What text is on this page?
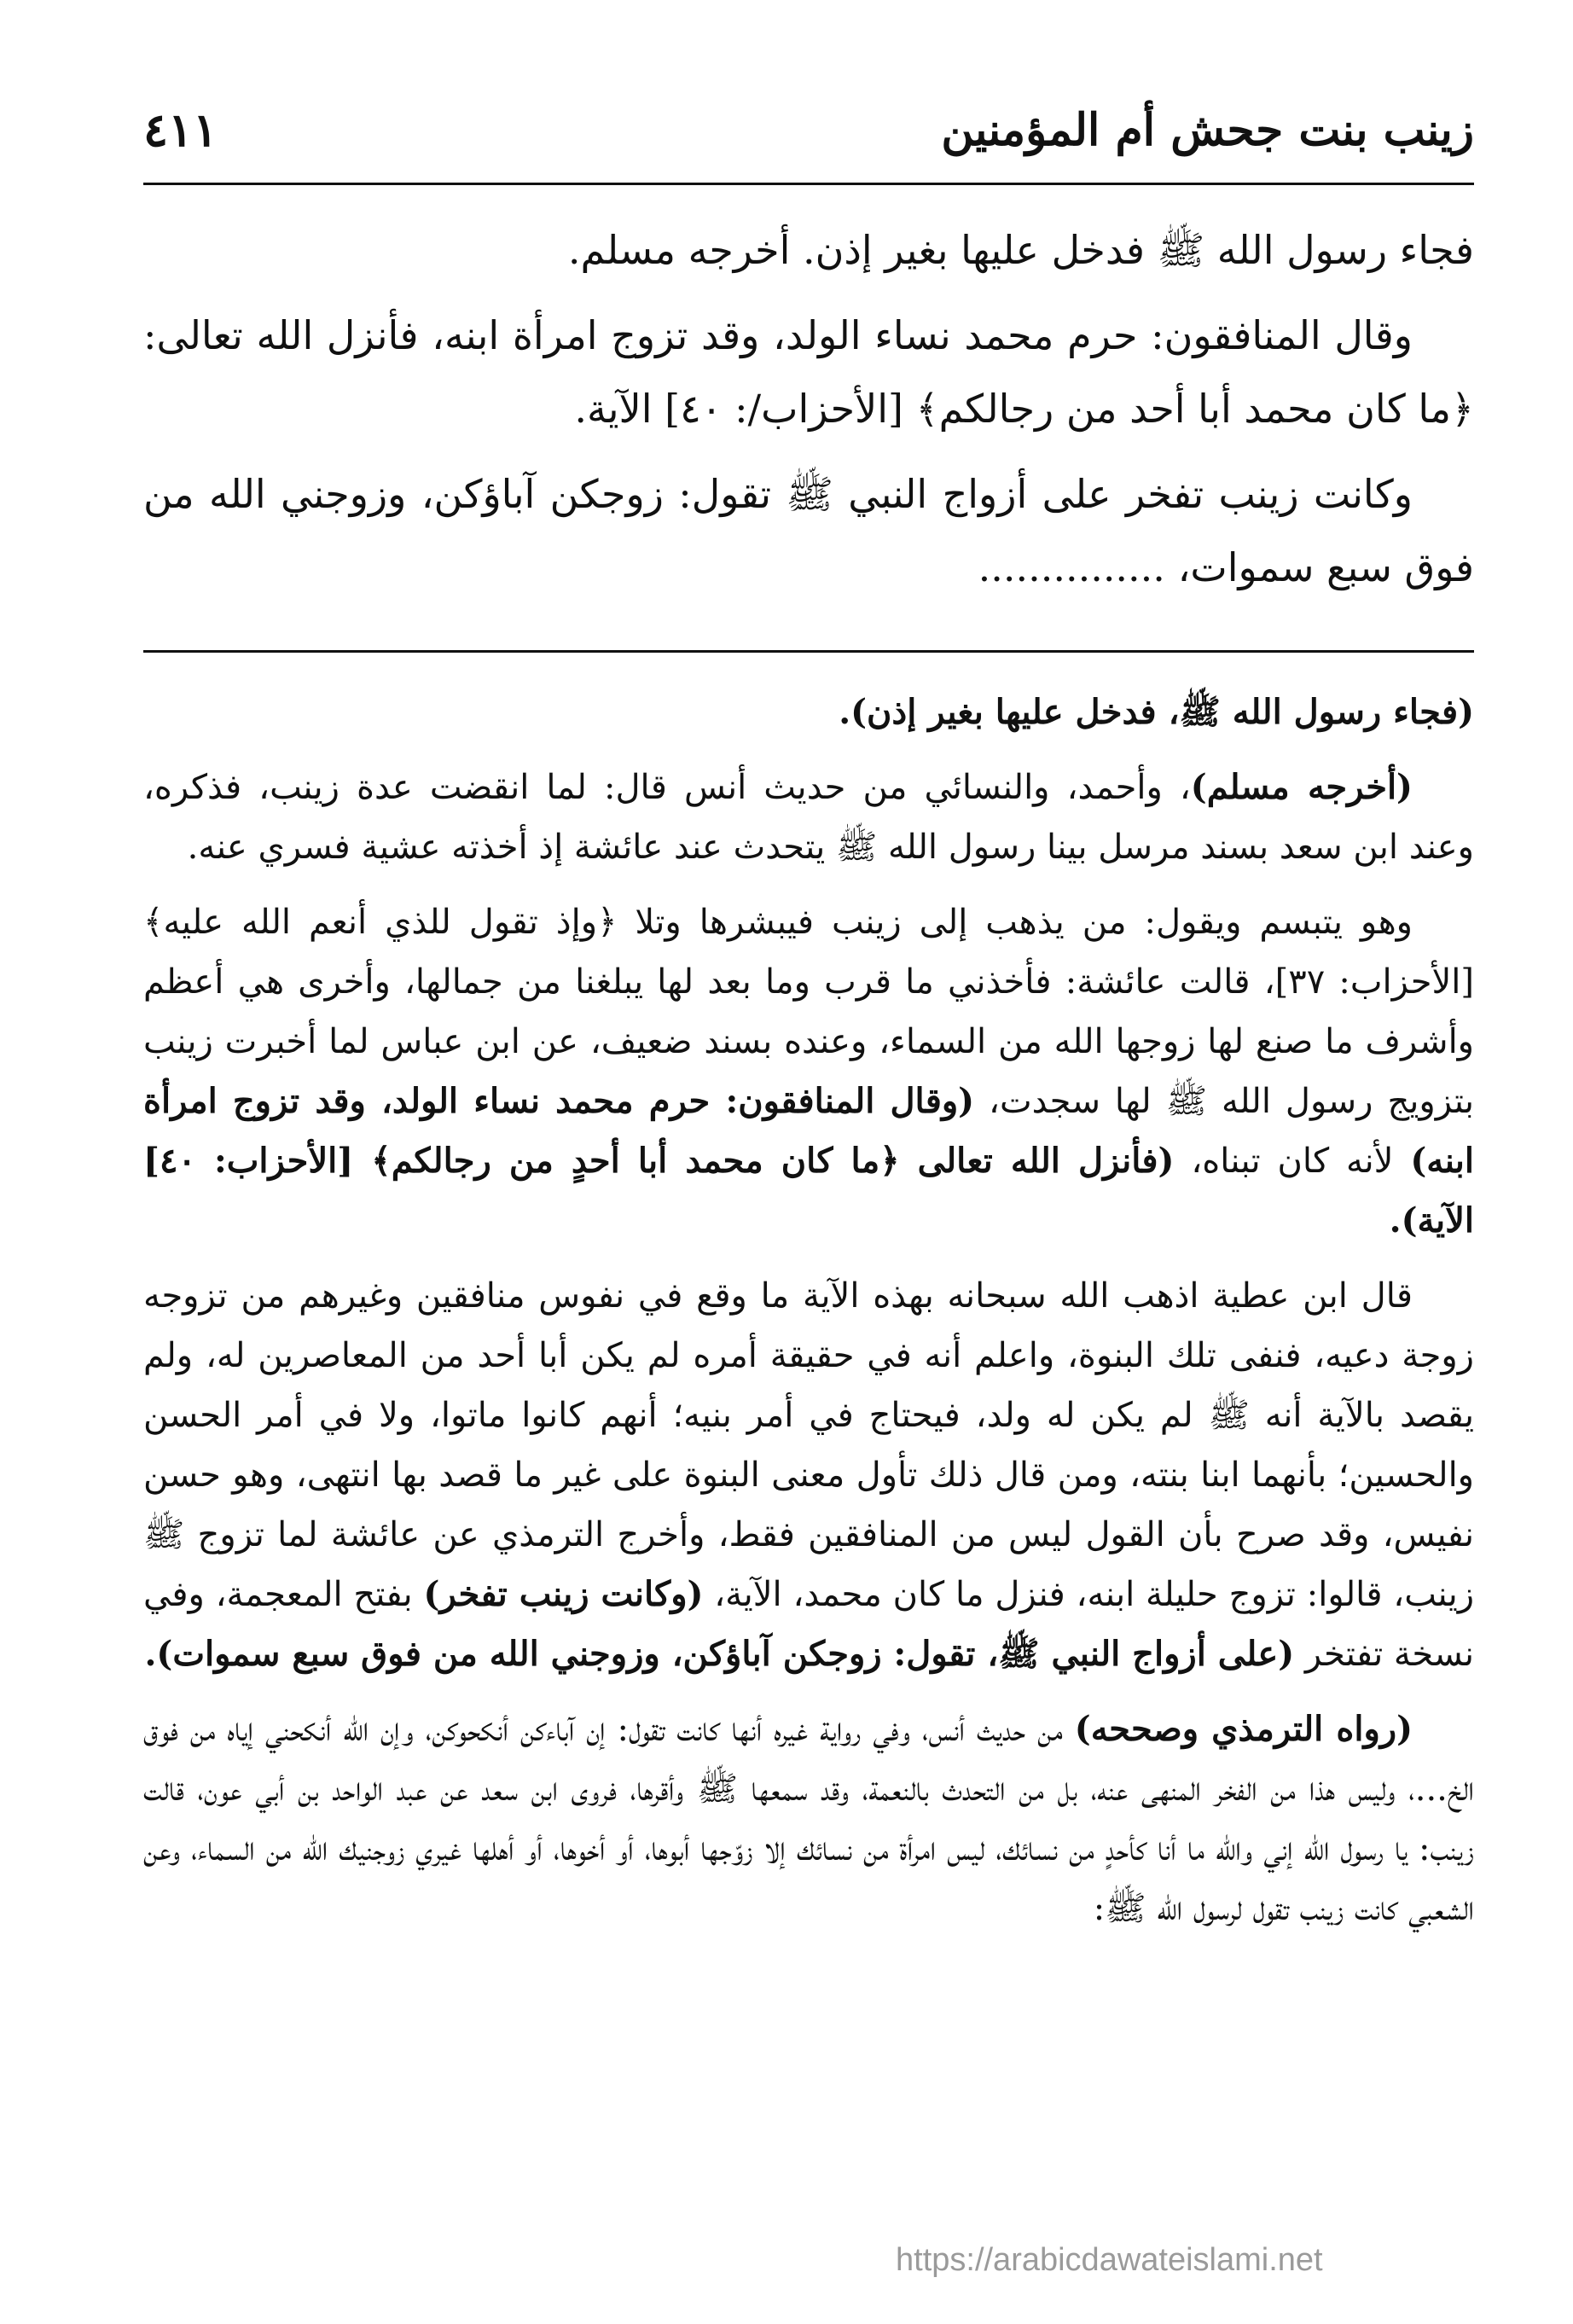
زينب بنت جحش أم المؤمنين
٤١١

فجاء رسول الله ﷺ فدخل عليها بغير إذن. أخرجه مسلم.

وقال المنافقون: حرم محمد نساء الولد، وقد تزوج امرأة ابنه، فأنزل الله تعالى: ﴿ما كان محمد أبا أحد من رجالكم﴾ [الأحزاب/: ٤٠] الآية.

وكانت زينب تفخر على أزواج النبي ﷺ تقول: زوجكن آباؤكن، وزوجني الله من فوق سبع سموات، ...............

(فجاء رسول الله ﷺ، فدخل عليها بغير إذن).

(أخرجه مسلم)، وأحمد، والنسائي من حديث أنس قال: لما انقضت عدة زينب، فذكره، وعند ابن سعد بسند مرسل بينا رسول الله ﷺ يتحدث عند عائشة إذ أخذته عشية فسري عنه.

وهو يتبسم ويقول: من يذهب إلى زينب فيبشرها وتلا ﴿وإذ تقول للذي أنعم الله عليه﴾ [الأحزاب: ٣٧]، قالت عائشة: فأخذني ما قرب وما بعد لها يبلغنا من جمالها، وأخرى هي أعظم وأشرف ما صنع لها زوجها الله من السماء، وعنده بسند ضعيف، عن ابن عباس لما أخبرت زينب بتزويج رسول الله ﷺ لها سجدت، (وقال المنافقون: حرم محمد نساء الولد، وقد تزوج امرأة ابنه) لأنه كان تبناه، (فأنزل الله تعالى ﴿ما كان محمد أبا أحدٍ من رجالكم﴾ [الأحزاب: ٤٠] الآية).

قال ابن عطية اذهب الله سبحانه بهذه الآية ما وقع في نفوس منافقين وغيرهم من تزوجه زوجة دعيه، فنفى تلك البنوة، واعلم أنه في حقيقة أمره لم يكن أبا أحد من المعاصرين له، ولم يقصد بالآية أنه ﷺ لم يكن له ولد، فيحتاج في أمر بنيه؛ أنهم كانوا ماتوا، ولا في أمر الحسن والحسين؛ بأنهما ابنا بنته، ومن قال ذلك تأول معنى البنوة على غير ما قصد بها انتهى، وهو حسن نفيس، وقد صرح بأن القول ليس من المنافقين فقط، وأخرج الترمذي عن عائشة لما تزوج ﷺ زينب، قالوا: تزوج حليلة ابنه، فنزل ما كان محمد، الآية، (وكانت زينب تفخر) بفتح المعجمة، وفي نسخة تفتخر (على أزواج النبي ﷺ، تقول: زوجكن آباؤكن، وزوجني الله من فوق سبع سموات).

(رواه الترمذي وصححه) من حديث أنس، وفي رواية غيره أنها كانت تقول: إن آباءكن أنكحوكن، وإن الله أنكحني إياه من فوق الخ...، وليس هذا من الفخر المنهى عنه، بل من التحدث بالنعمة، وقد سمعها ﷺ وأقرها، فروى ابن سعد عن عبد الواحد بن أبي عون، قالت زينب: يا رسول الله إني والله ما أنا كأحدٍ من نسائك، ليس امرأة من نسائك إلا زوّجها أبوها، أو أخوها، أو أهلها غيري زوجنيك الله من السماء، وعن الشعبي كانت زينب تقول لرسول الله ﷺ:

https://arabicdawateislami.net
